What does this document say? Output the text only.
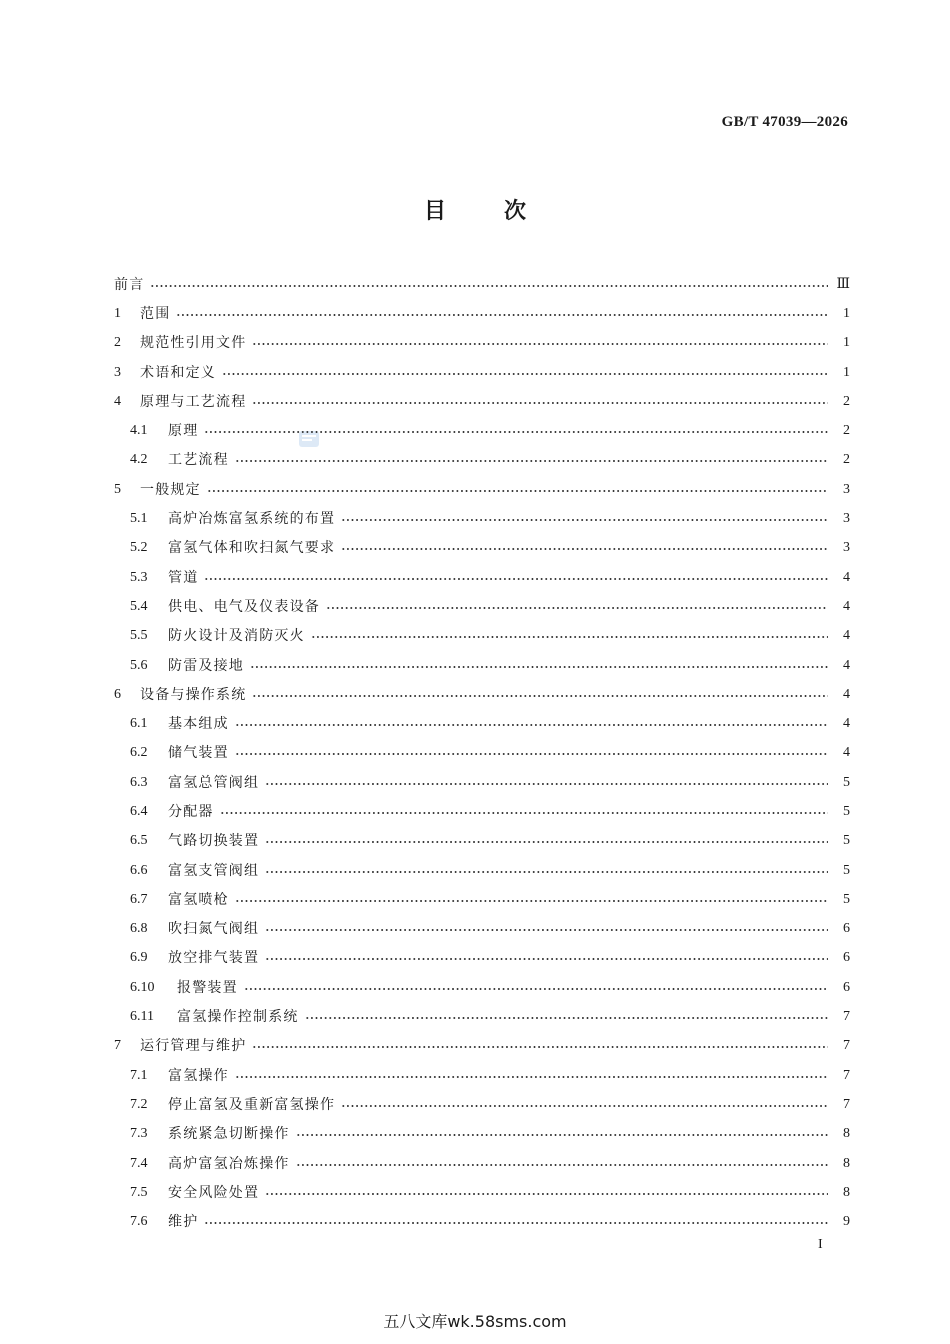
GB/T 47039—2026
目	次
前言	Ⅲ
1	范围	1
2	规范性引用文件	1
3	术语和定义	1
4	原理与工艺流程	2
4.1	原理	2
4.2	工艺流程	2
5	一般规定	3
5.1	高炉冶炼富氢系统的布置	3
5.2	富氢气体和吹扫氮气要求	3
5.3	管道	4
5.4	供电、电气及仪表设备	4
5.5	防火设计及消防灭火	4
5.6	防雷及接地	4
6	设备与操作系统	4
6.1	基本组成	4
6.2	储气装置	4
6.3	富氢总管阀组	5
6.4	分配器	5
6.5	气路切换装置	5
6.6	富氢支管阀组	5
6.7	富氢喷枪	5
6.8	吹扫氮气阀组	6
6.9	放空排气装置	6
6.10	报警装置	6
6.11	富氢操作控制系统	7
7	运行管理与维护	7
7.1	富氢操作	7
7.2	停止富氢及重新富氢操作	7
7.3	系统紧急切断操作	8
7.4	高炉富氢冶炼操作	8
7.5	安全风险处置	8
7.6	维护	9
I
五八文库wk.58sms.com
